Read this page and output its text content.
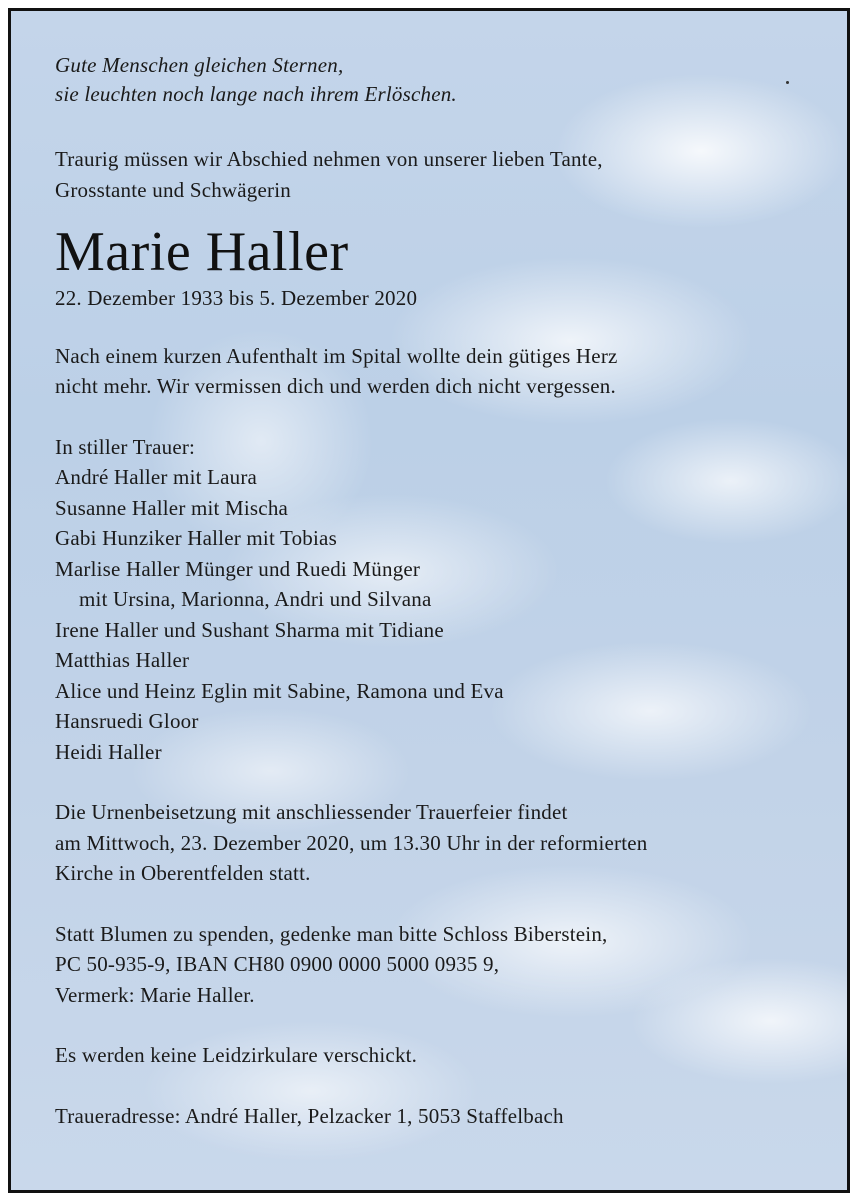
Gute Menschen gleichen Sternen,
sie leuchten noch lange nach ihrem Erlöschen.
Traurig müssen wir Abschied nehmen von unserer lieben Tante,
Grosstante und Schwägerin
Marie Haller
22. Dezember 1933 bis 5. Dezember 2020
Nach einem kurzen Aufenthalt im Spital wollte dein gütiges Herz
nicht mehr. Wir vermissen dich und werden dich nicht vergessen.
In stiller Trauer:
André Haller mit Laura
Susanne Haller mit Mischa
Gabi Hunziker Haller mit Tobias
Marlise Haller Münger und Ruedi Münger
mit Ursina, Marionna, Andri und Silvana
Irene Haller und Sushant Sharma mit Tidiane
Matthias Haller
Alice und Heinz Eglin mit Sabine, Ramona und Eva
Hansruedi Gloor
Heidi Haller
Die Urnenbeisetzung mit anschliessender Trauerfeier findet
am Mittwoch, 23. Dezember 2020, um 13.30 Uhr in der reformierten
Kirche in Oberentfelden statt.
Statt Blumen zu spenden, gedenke man bitte Schloss Biberstein,
PC 50-935-9, IBAN CH80 0900 0000 5000 0935 9,
Vermerk: Marie Haller.
Es werden keine Leidzirkulare verschickt.
Traueradresse: André Haller, Pelzacker 1, 5053 Staffelbach
